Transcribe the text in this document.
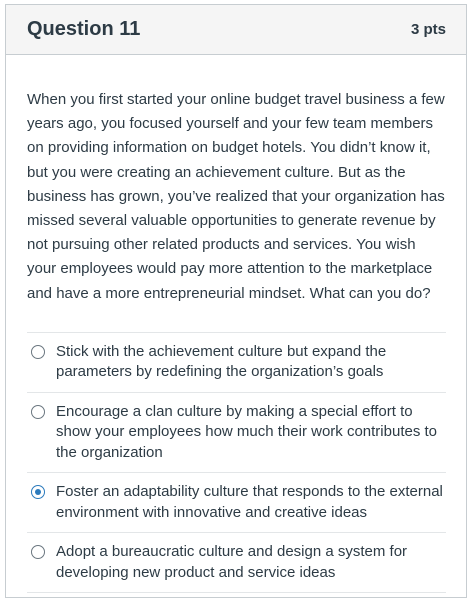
Question 11	3 pts
When you first started your online budget travel business a few years ago, you focused yourself and your few team members on providing information on budget hotels. You didn’t know it, but you were creating an achievement culture. But as the business has grown, you’ve realized that your organization has missed several valuable opportunities to generate revenue by not pursuing other related products and services. You wish your employees would pay more attention to the marketplace and have a more entrepreneurial mindset. What can you do?
Stick with the achievement culture but expand the parameters by redefining the organization’s goals
Encourage a clan culture by making a special effort to show your employees how much their work contributes to the organization
Foster an adaptability culture that responds to the external environment with innovative and creative ideas
Adopt a bureaucratic culture and design a system for developing new product and service ideas
